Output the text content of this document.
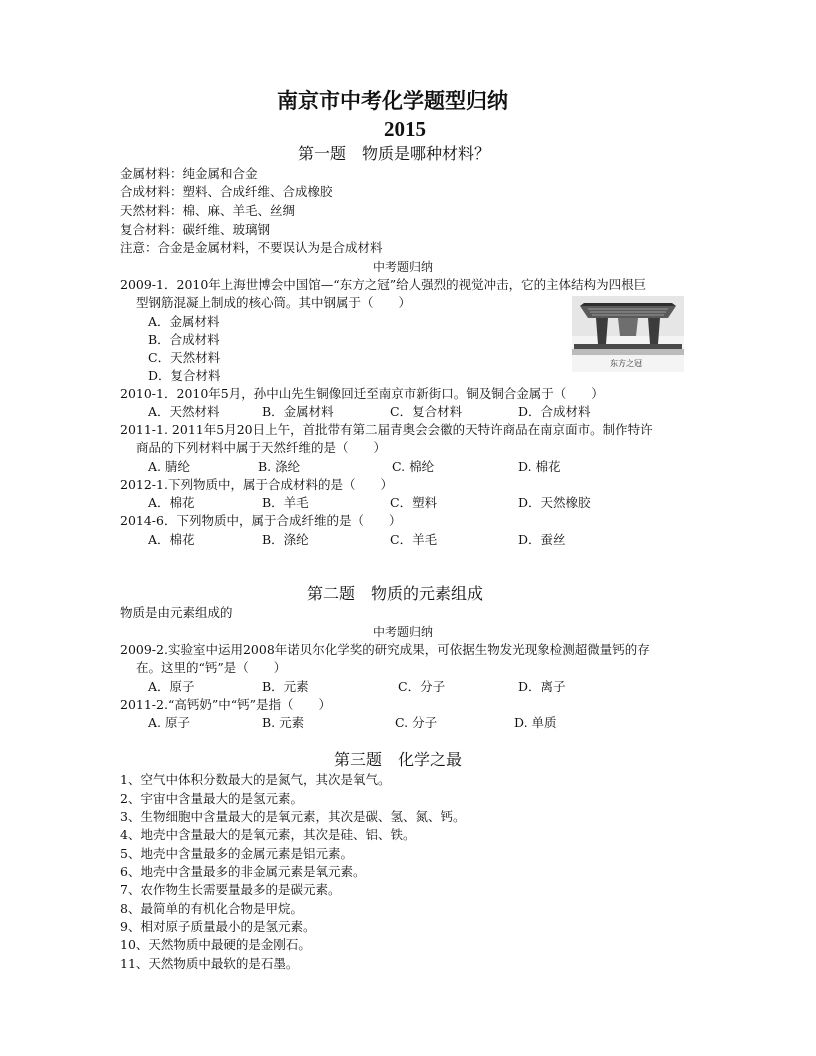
南京市中考化学题型归纳
2015
第一题　物质是哪种材料？
金属材料：纯金属和合金
合成材料：塑料、合成纤维、合成橡胶
天然材料：棉、麻、羊毛、丝绸
复合材料：碳纤维、玻璃钢
注意：合金是金属材料，不要误认为是合成材料
中考题归纳
2009-1．2010年上海世博会中国馆—“东方之冠”给人强烈的视觉冲击，它的主体结构为四根巨
型钢筋混凝上制成的核心筒。其中钢属于（　　）
A．金属材料
B．合成材料
C．天然材料
D．复合材料
东方之冠
2010-1．2010年5月，孙中山先生铜像回迁至南京市新街口。铜及铜合金属于（　　）
A．天然材料	B．金属材料	C．复合材料	D．合成材料
2011-1. 2011年5月20日上午，首批带有第二届青奥会会徽的天特许商品在南京面市。制作特许
商品的下列材料中属于天然纤维的是（　　）
A. 腈纶	B. 涤纶	C. 棉纶	D. 棉花
2012-1.下列物质中，属于合成材料的是（　　）
A．棉花	B．羊毛	C．塑料	D．天然橡胶
2014-6．下列物质中，属于合成纤维的是（　　）
A．棉花	B．涤纶	C．羊毛	D．蚕丝
第二题　物质的元素组成
物质是由元素组成的
中考题归纳
2009-2.实验室中运用2008年诺贝尔化学奖的研究成果，可依据生物发光现象检测超微量钙的存
在。这里的“钙”是（　　）
A．原子	B．元素	C．分子	D．离子
2011-2.“高钙奶”中“钙”是指（　　）
A. 原子	B. 元素	C. 分子	D. 单质
第三题　化学之最
1、空气中体积分数最大的是氮气，其次是氧气。
2、宇宙中含量最大的是氢元素。
3、生物细胞中含量最大的是氧元素，其次是碳、氢、氮、钙。
4、地壳中含量最大的是氧元素，其次是硅、铝、铁。
5、地壳中含量最多的金属元素是铝元素。
6、地壳中含量最多的非金属元素是氧元素。
7、农作物生长需要量最多的是碳元素。
8、最简单的有机化合物是甲烷。
9、相对原子质量最小的是氢元素。
10、天然物质中最硬的是金刚石。
11、天然物质中最软的是石墨。
